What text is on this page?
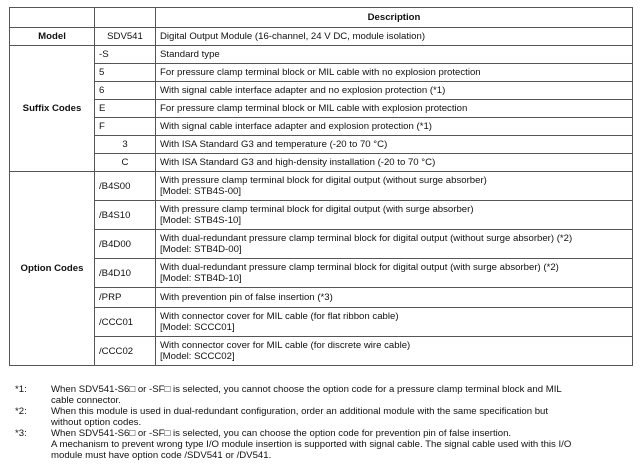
		Description
Model	SDV541	Digital Output Module (16-channel, 24 V DC, module isolation)
Suffix Codes	-S	Standard type
	5	For pressure clamp terminal block or MIL cable with no explosion protection
	6	With signal cable interface adapter and no explosion protection (*1)
	E	For pressure clamp terminal block or MIL cable with explosion protection
	F	With signal cable interface adapter and explosion protection (*1)
	3	With ISA Standard G3 and temperature (-20 to 70 °C)
	C	With ISA Standard G3 and high-density installation (-20 to 70 °C)
Option Codes	/B4S00	With pressure clamp terminal block for digital output (without surge absorber)
[Model: STB4S-00]
	/B4S10	With pressure clamp terminal block for digital output (with surge absorber)
[Model: STB4S-10]
	/B4D00	With dual-redundant pressure clamp terminal block for digital output (without surge absorber) (*2)
[Model: STB4D-00]
	/B4D10	With dual-redundant pressure clamp terminal block for digital output (with surge absorber) (*2)
[Model: STB4D-10]
	/PRP	With prevention pin of false insertion (*3)
	/CCC01	With connector cover for MIL cable (for flat ribbon cable)
[Model: SCCC01]
	/CCC02	With connector cover for MIL cable (for discrete wire cable)
[Model: SCCC02]
*1:	When SDV541-S6□ or -SF□ is selected, you cannot choose the option code for a pressure clamp terminal block and MIL
cable connector.
*2:	When this module is used in dual-redundant configuration, order an additional module with the same specification but
without option codes.
*3:	When SDV541-S6□ or -SF□ is selected, you can choose the option code for prevention pin of false insertion.
A mechanism to prevent wrong type I/O module insertion is supported with signal cable. The signal cable used with this I/O
module must have option code /SDV541 or /DV541.
